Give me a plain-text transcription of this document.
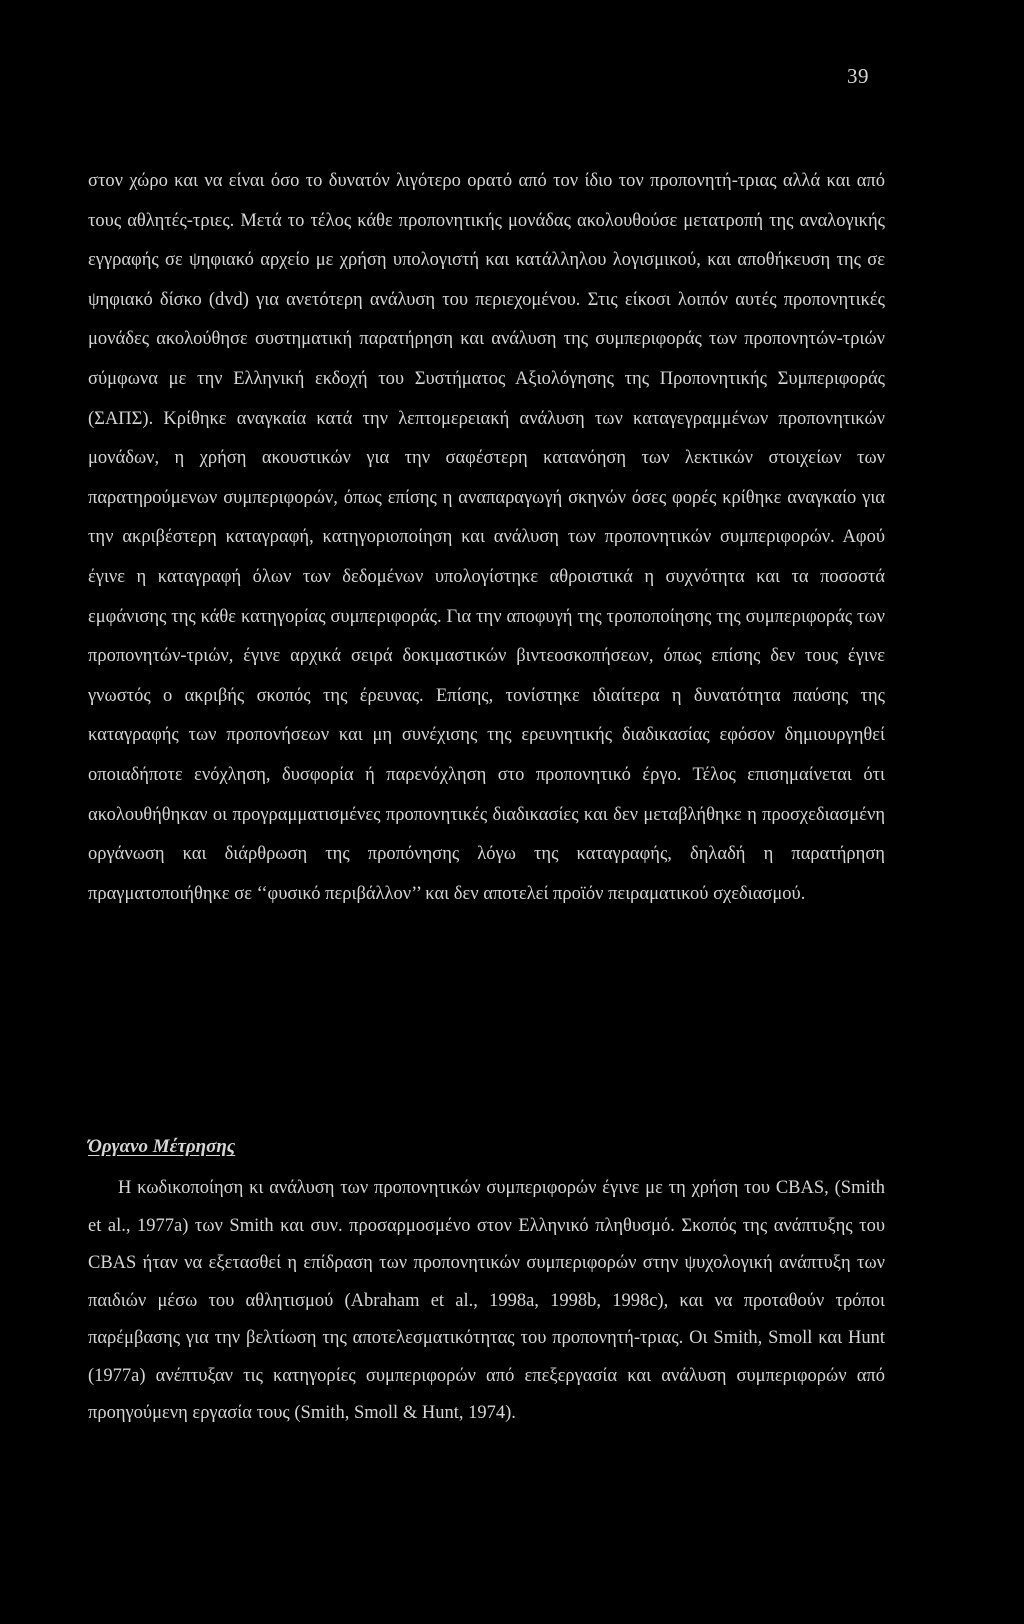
39

στον χώρο και να είναι όσο το δυνατόν λιγότερο ορατό από τον ίδιο τον προπονητή-τριας αλλά και από τους αθλητές-τριες. Μετά το τέλος κάθε προπονητικής μονάδας ακολουθούσε μετατροπή της αναλογικής εγγραφής σε ψηφιακό αρχείο με χρήση υπολογιστή και κατάλληλου λογισμικού, και αποθήκευση της σε ψηφιακό δίσκο (dvd) για ανετότερη ανάλυση του περιεχομένου. Στις είκοσι λοιπόν αυτές προπονητικές μονάδες ακολούθησε συστηματική παρατήρηση και ανάλυση της συμπεριφοράς των προπονητών-τριών σύμφωνα με την Ελληνική εκδοχή του Συστήματος Αξιολόγησης της Προπονητικής Συμπεριφοράς (ΣΑΠΣ). Κρίθηκε αναγκαία κατά την λεπτομερειακή ανάλυση των καταγεγραμμένων προπονητικών μονάδων, η χρήση ακουστικών για την σαφέστερη κατανόηση των λεκτικών στοιχείων των παρατηρούμενων συμπεριφορών, όπως επίσης η αναπαραγωγή σκηνών όσες φορές κρίθηκε αναγκαίο για την ακριβέστερη καταγραφή, κατηγοριοποίηση και ανάλυση των προπονητικών συμπεριφορών. Αφού έγινε η καταγραφή όλων των δεδομένων υπολογίστηκε αθροιστικά η συχνότητα και τα ποσοστά εμφάνισης της κάθε κατηγορίας συμπεριφοράς. Για την αποφυγή της τροποποίησης της συμπεριφοράς των προπονητών-τριών, έγινε αρχικά σειρά δοκιμαστικών βιντεοσκοπήσεων, όπως επίσης δεν τους έγινε γνωστός ο ακριβής σκοπός της έρευνας. Επίσης, τονίστηκε ιδιαίτερα η δυνατότητα παύσης της καταγραφής των προπονήσεων και μη συνέχισης της ερευνητικής διαδικασίας εφόσον δημιουργηθεί οποιαδήποτε ενόχληση, δυσφορία ή παρενόχληση στο προπονητικό έργο. Τέλος επισημαίνεται ότι ακολουθήθηκαν οι προγραμματισμένες προπονητικές διαδικασίες και δεν μεταβλήθηκε η προσχεδιασμένη οργάνωση και διάρθρωση της προπόνησης λόγω της καταγραφής, δηλαδή η παρατήρηση πραγματοποιήθηκε σε ‘‘φυσικό περιβάλλον’’ και δεν αποτελεί προϊόν πειραματικού σχεδιασμού.

Όργανο Μέτρησης

Η κωδικοποίηση κι ανάλυση των προπονητικών συμπεριφορών έγινε με τη χρήση του CBAS, (Smith et al., 1977a) των Smith και συν. προσαρμοσμένο στον Ελληνικό πληθυσμό. Σκοπός της ανάπτυξης του CBAS ήταν να εξετασθεί η επίδραση των προπονητικών συμπεριφορών στην ψυχολογική ανάπτυξη των παιδιών μέσω του αθλητισμού (Abraham et al., 1998a, 1998b, 1998c), και να προταθούν τρόποι παρέμβασης για την βελτίωση της αποτελεσματικότητας του προπονητή-τριας. Οι Smith, Smoll και Hunt (1977a) ανέπτυξαν τις κατηγορίες συμπεριφορών από επεξεργασία και ανάλυση συμπεριφορών από προηγούμενη εργασία τους (Smith, Smoll & Hunt, 1974).
